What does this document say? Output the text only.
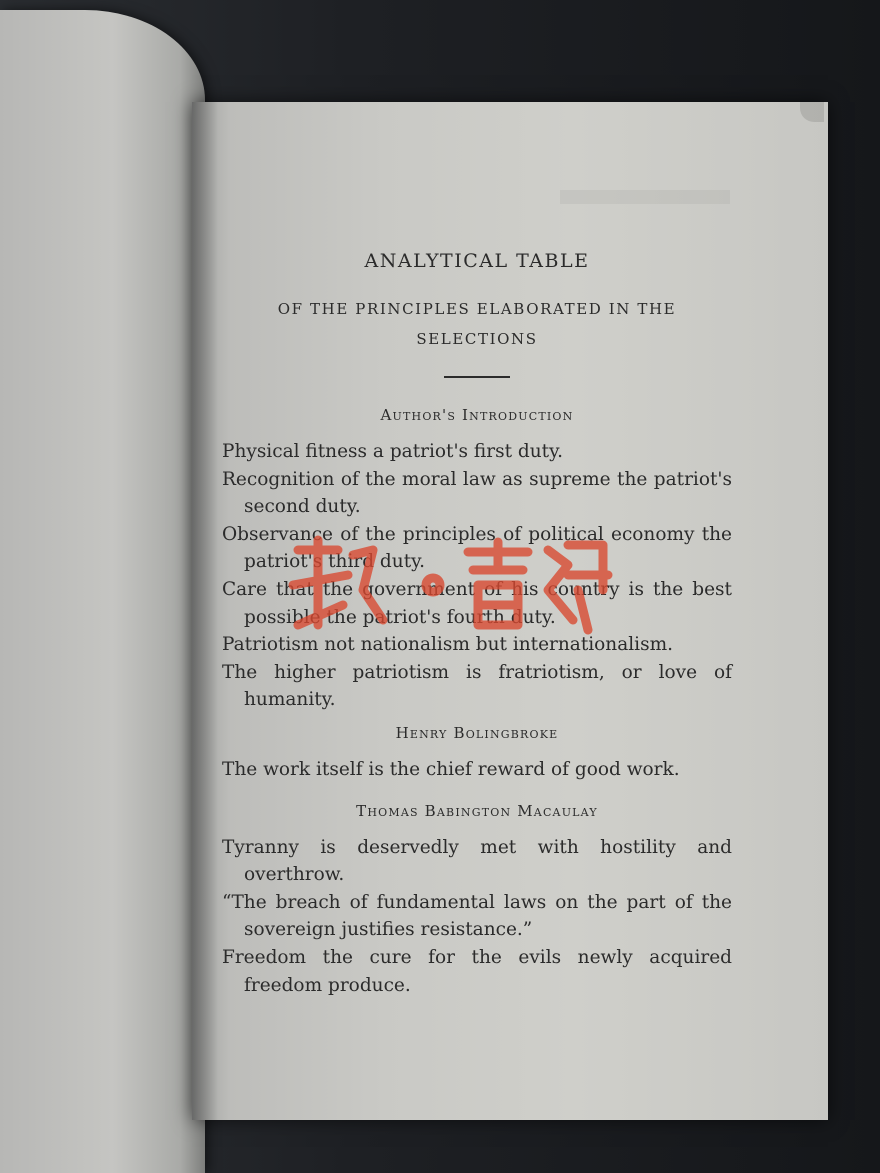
ANALYTICAL TABLE

OF THE PRINCIPLES ELABORATED IN THE

SELECTIONS

Author's Introduction

Physical fitness a patriot's first duty.

Recognition of the moral law as supreme the patriot's second duty.

Observance of the principles of political economy the patriot's third duty.

Care that the government of his country is the best possible the patriot's fourth duty.

Patriotism not nationalism but internationalism.

The higher patriotism is fratriotism, or love of humanity.

Henry Bolingbroke

The work itself is the chief reward of good work.

Thomas Babington Macaulay

Tyranny is deservedly met with hostility and overthrow.

“The breach of fundamental laws on the part of the sovereign justifies resistance.”

Freedom the cure for the evils newly acquired freedom produce.
